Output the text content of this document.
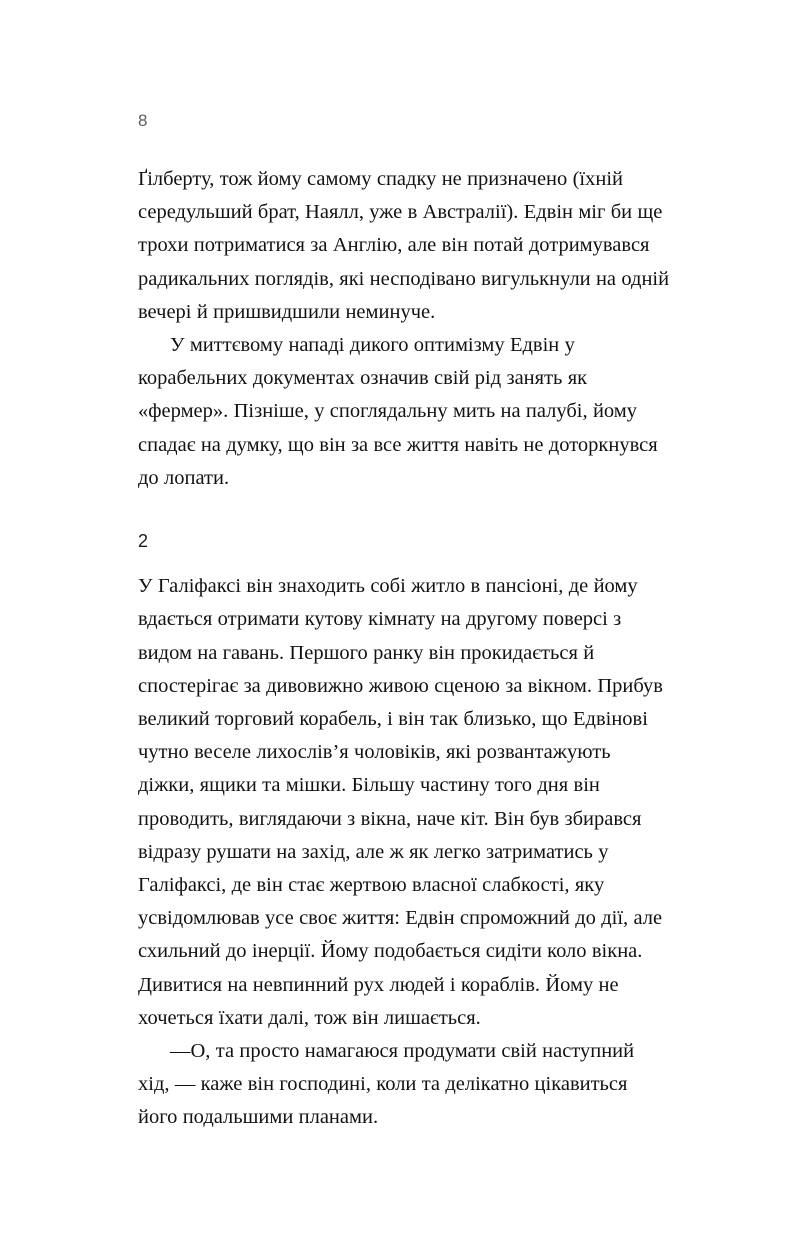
8

Ґілберту, тож йому самому спадку не призначено (їхній середульший брат, Наялл, уже в Австралії). Едвін міг би ще трохи потриматися за Англію, але він потай дотримувався радикальних поглядів, які несподівано вигулькнули на одній вечері й пришвидшили неминуче.

У миттєвому нападі дикого оптимізму Едвін у корабельних документах означив свій рід занять як «фермер». Пізніше, у споглядальну мить на палубі, йому спадає на думку, що він за все життя навіть не доторкнувся до лопати.

2

У Галіфаксі він знаходить собі житло в пансіоні, де йому вдається отримати кутову кімнату на другому поверсі з видом на гавань. Першого ранку він прокидається й спостерігає за дивовижно живою сценою за вікном. Прибув великий торговий корабель, і він так близько, що Едвінові чутно веселе лихослів’я чоловіків, які розвантажують діжки, ящики та мішки. Більшу частину того дня він проводить, виглядаючи з вікна, наче кіт. Він був збирався відразу рушати на захід, але ж як легко затриматись у Галіфаксі, де він стає жертвою власної слабкості, яку усвідомлював усе своє життя: Едвін спроможний до дії, але схильний до інерції. Йому подобається сидіти коло вікна. Дивитися на невпинний рух людей і кораблів. Йому не хочеться їхати далі, тож він лишається.

—О, та просто намагаюся продумати свій наступний хід, — каже він господині, коли та делікатно цікавиться його подальшими планами.
